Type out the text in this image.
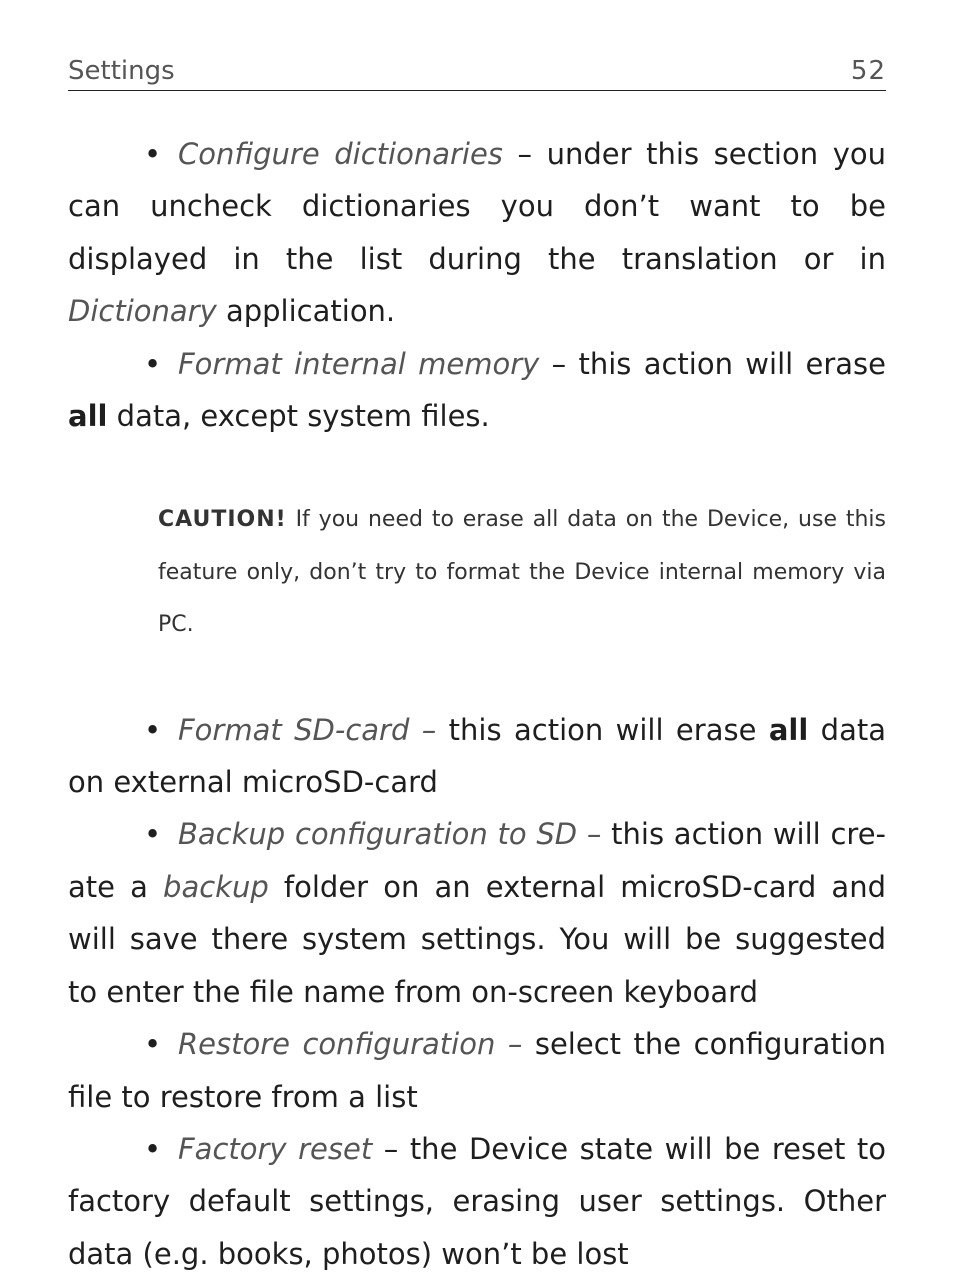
Settings	52

• Configure dictionaries – under this section you can uncheck dictionaries you don’t want to be displayed in the list during the translation or in Dictionary application.

• Format internal memory – this action will erase all data, except system files.

CAUTION! If you need to erase all data on the Device, use this feature only, don’t try to format the Device internal memory via PC.

• Format SD-card – this action will erase all data on external microSD-card

• Backup configuration to SD – this action will cre-ate a backup folder on an external microSD-card and will save there system settings. You will be suggested to enter the file name from on-screen keyboard

• Restore configuration – select the configuration file to restore from a list

• Factory reset – the Device state will be reset to factory default settings, erasing user settings. Other data (e.g. books, photos) won’t be lost
